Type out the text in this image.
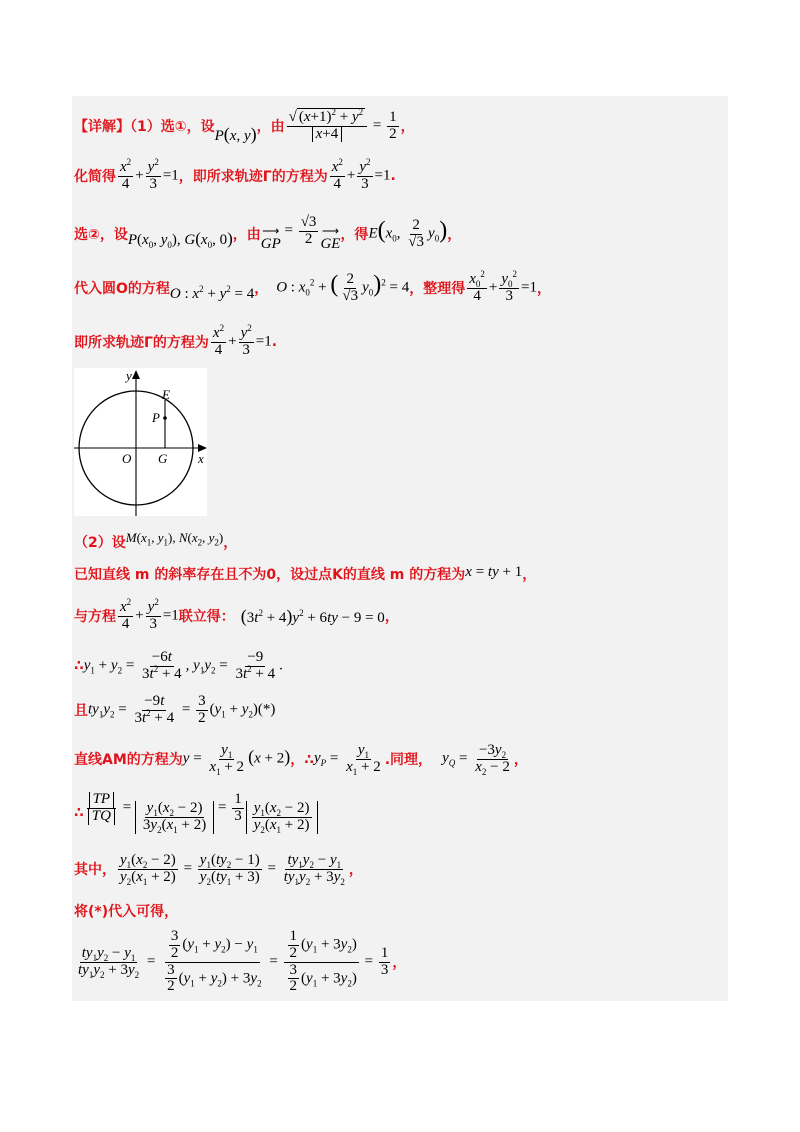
【详解】（1）选①，设
P(x, y) ，由 $\frac{√ (x+1)^2 + y^2}{x +4} = \frac{1}{2}$ ，
化简得 $\frac{x^2}{4} + \frac{y^2}{3} =1$ ，即所求轨迹Γ的方程为 $\frac{x^2}{4} + \frac{y^2}{3} =1$ .
选②，设 $P(x_0$, $y_0$), $G(x_0$, 0) ，由 ⟶
GP
= $\frac{√3}{2}$ ⟶
GE
，得 $E(x_0$, $\frac{2}{√3} y_0$) ，
代入圆O的方程 O : $x^2 + y^2 = 4$ ， O : $x_0^2$ + ( $\frac{2}{√3} y_0)^2 = 4$ ，整理得 $\frac{x_0^2}{4} + \frac{y_0^2}{3} =1$ ，
即所求轨迹Γ的方程为 $\frac{x^2}{4} + \frac{y^2}{3} =1$ .
y
E
P
O G x
（2）设 $M(x_1$, $y_1$), $N(x_2$, $y_2$) ，
已知直线 m 的斜率存在且不为0，设过点K的直线 m 的方程为 x = ty + 1 ，
与方程 $\frac{x^2}{4} + \frac{y^2}{3} =1$ 联立得： $(3t^2 + 4)y^2 + 6ty - 9 = 0$ ，
∴ $y_1 + y_2 = \frac{-6t}{3t^2 + 4}$ , $y_1y_2 = \frac{-9}{3t^2 + 4}$ .
且 $ty_1y_2 = \frac{-9t}{3t^2 + 4} = \frac{3}{2} (y_1 + y_2)(*)$
直线AM的方程为 $y = \frac{y_1}{x_1 + 2} (x + 2)$ ，∴ $y_P = \frac{y_1}{x_1 + 2}$ .同理， $y_Q = \frac{-3y_2}{x_2 - 2}$ ，
∴ $\frac{TP}{TQ} = \frac{y_1(x_2 - 2)}{3y_2(x_1 + 2)} = \frac{1}{3} \frac{y_1(x_2 - 2)}{y_2(x_1 + 2)}$
其中， $\frac{y_1(x_2 - 2)}{y_2(x_1 + 2)} = \frac{y_1(ty_2 - 1)}{y_2(ty_1 + 3)} = \frac{ty_1y_2 - y_1}{ty_1y_2 + 3y_2}$ ，
将(*)代入可得，
$\frac{ty_1y_2 - y_1}{ty_1y_2 + 3y_2} = \frac{\frac{3}{2} (y_1 + y_2) - y_1}{\frac{3}{2} (y_1 + y_2) + 3y_2} = \frac{\frac{1}{2} (y_1 + 3y_2)}{\frac{3}{2} (y_1 + 3y_2)} = \frac{1}{3}$ ，
